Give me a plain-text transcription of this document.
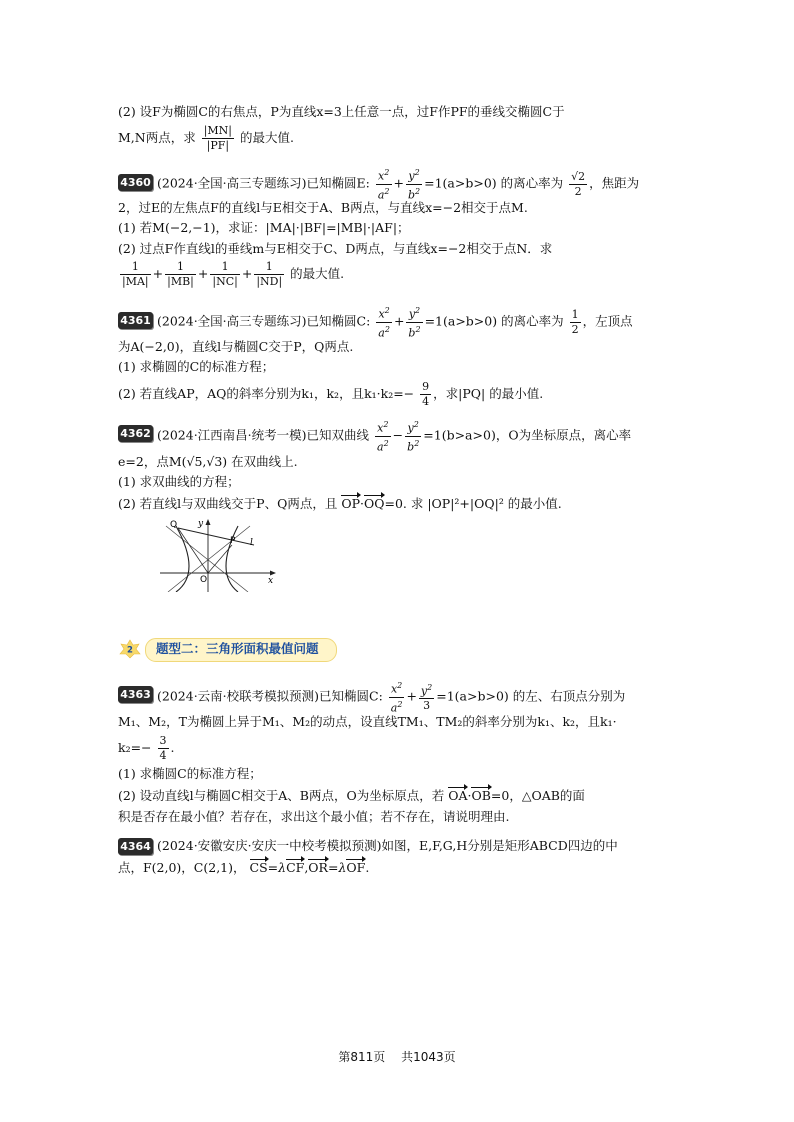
(2) 设F为椭圆C的右焦点，P为直线x=3上任意一点，过F作PF的垂线交椭圆C于
M,N两点，求 $\frac{|MN|}{|PF|}$ 的最大值.
4360 (2024·全国·高三专题练习)已知椭圆E: $\frac{x^2}{a^2} + \frac{y^2}{b^2} =1(a>b>0)$ 的离心率为 $\frac{√2}{2}$ ，焦距为
2，过E的左焦点F的直线l与E相交于A、B两点，与直线x=−2相交于点M.
(1) 若M(−2,−1)，求证：|MA|·|BF|=|MB|·|AF|；
(2) 过点F作直线l的垂线m与E相交于C、D两点，与直线x=−2相交于点N．求
$\frac{1}{|MA|} + \frac{1}{|MB|} + \frac{1}{|NC|} + \frac{1}{|ND|}$ 的最大值.
4361 (2024·全国·高三专题练习)已知椭圆C: $\frac{x^2}{a^2} + \frac{y^2}{b^2} =1(a>b>0)$ 的离心率为 $\frac{1}{2}$ ，左顶点
为A(−2,0)，直线l与椭圆C交于P，Q两点.
(1) 求椭圆的C的标准方程；
(2) 若直线AP，AQ的斜率分别为k₁，k₂，且$k_1\cdot k_2=- \frac{9}{4}$ ，求|PQ| 的最小值.
4362 (2024·江西南昌·统考一模)已知双曲线 $\frac{x^2}{a^2} - \frac{y^2}{b^2} =1(b>a>0)$，O为坐标原点，离心率
e=2，点M(√5,√3) 在双曲线上.
(1) 求双曲线的方程；
(2) 若直线l与双曲线交于P、Q两点，且 OP·OQ=0. 求 |OP|²+|OQ|² 的最小值.
Q
P l
O	x
y
2 题型二：三角形面积最值问题
4363 (2024·云南·校联考模拟预测)已知椭圆C: $\frac{x^2}{a^2} + \frac{y^2}{3} =1(a>b>0)$ 的左、右顶点分别为
M₁、M₂，T为椭圆上异于M₁、M₂的动点，设直线TM₁、TM₂的斜率分别为k₁、k₂，且k₁·
$k_2=- \frac{3}{4}$ .
(1) 求椭圆C的标准方程；
(2) 设动直线l与椭圆C相交于A、B两点，O为坐标原点，若 OA·OB=0，△OAB的面
积是否存在最小值？若存在，求出这个最小值；若不存在，请说明理由.
4364 (2024·安徽安庆·安庆一中校考模拟预测)如图，E,F,G,H分别是矩形ABCD四边的中
点，F(2,0)，C(2,1)， CS=λCF,OR=λOF.
第811页　 共1043页
